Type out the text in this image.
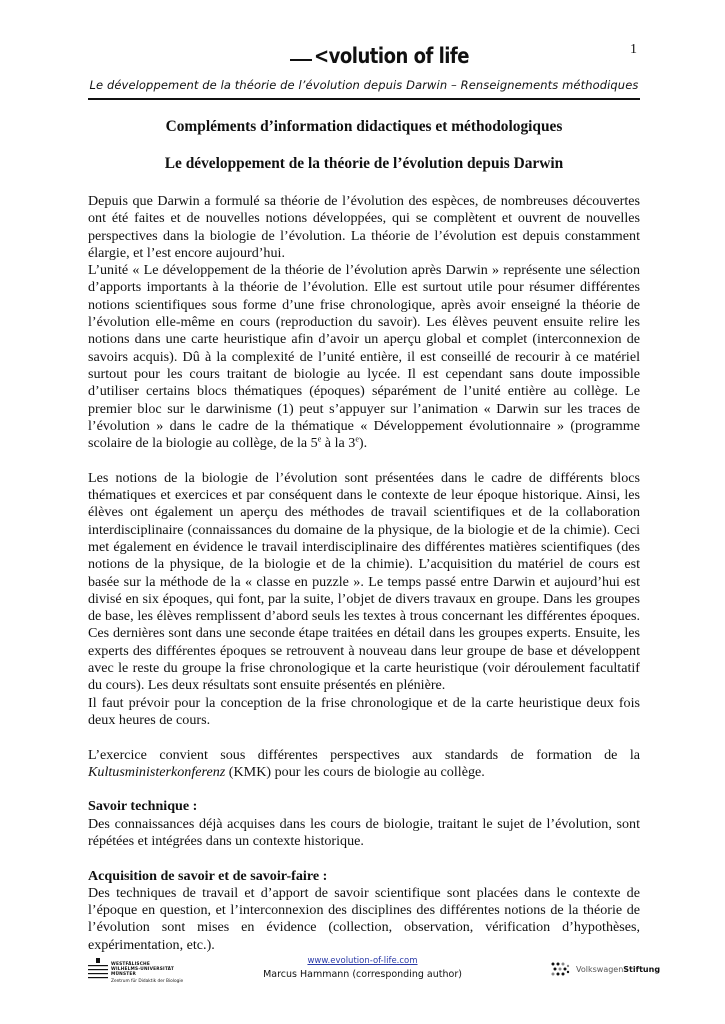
1
<volution of life
Le développement de la théorie de l’évolution depuis Darwin – Renseignements méthodiques
Compléments d’information didactiques et méthodologiques
Le développement de la théorie de l’évolution depuis Darwin

Depuis que Darwin a formulé sa théorie de l’évolution des espèces, de nombreuses découvertes ont été faites et de nouvelles notions développées, qui se complètent et ouvrent de nouvelles perspectives dans la biologie de l’évolution. La théorie de l’évolution est depuis constamment élargie, et l’est encore aujourd’hui.

L’unité « Le développement de la théorie de l’évolution après Darwin » représente une sélection d’apports importants à la théorie de l’évolution. Elle est surtout utile pour résumer différentes notions scientifiques sous forme d’une frise chronologique, après avoir enseigné la théorie de l’évolution elle-même en cours (reproduction du savoir). Les élèves peuvent ensuite relire les notions dans une carte heuristique afin d’avoir un aperçu global et complet (interconnexion de savoirs acquis). Dû à la complexité de l’unité entière, il est conseillé de recourir à ce matériel surtout pour les cours traitant de biologie au lycée. Il est cependant sans doute impossible d’utiliser certains blocs thématiques (époques) séparément de l’unité entière au collège. Le premier bloc sur le darwinisme (1) peut s’appuyer sur l’animation « Darwin sur les traces de l’évolution » dans le cadre de la thématique « Développement évolutionnaire » (programme scolaire de la biologie au collège, de la 5e à la 3e).

Les notions de la biologie de l’évolution sont présentées dans le cadre de différents blocs thématiques et exercices et par conséquent dans le contexte de leur époque historique. Ainsi, les élèves ont également un aperçu des méthodes de travail scientifiques et de la collaboration interdisciplinaire (connaissances du domaine de la physique, de la biologie et de la chimie). Ceci met également en évidence le travail interdisciplinaire des différentes matières scientifiques (des notions de la physique, de la biologie et de la chimie). L’acquisition du matériel de cours est basée sur la méthode de la « classe en puzzle ». Le temps passé entre Darwin et aujourd’hui est divisé en six époques, qui font, par la suite, l’objet de divers travaux en groupe. Dans les groupes de base, les élèves remplissent d’abord seuls les textes à trous concernant les différentes époques. Ces dernières sont dans une seconde étape traitées en détail dans les groupes experts. Ensuite, les experts des différentes époques se retrouvent à nouveau dans leur groupe de base et développent avec le reste du groupe la frise chronologique et la carte heuristique (voir déroulement facultatif du cours). Les deux résultats sont ensuite présentés en plénière.

Il faut prévoir pour la conception de la frise chronologique et de la carte heuristique deux fois deux heures de cours.

L’exercice convient sous différentes perspectives aux standards de formation de la Kultusministerkonferenz (KMK) pour les cours de biologie au collège.

Savoir technique :

Des connaissances déjà acquises dans les cours de biologie, traitant le sujet de l’évolution, sont répétées et intégrées dans un contexte historique.

Acquisition de savoir et de savoir-faire :

Des techniques de travail et d’apport de savoir scientifique sont placées dans le contexte de l’époque en question, et l’interconnexion des disciplines des différentes notions de la théorie de l’évolution sont mises en évidence (collection, observation, vérification d’hypothèses, expérimentation, etc.).

WESTFÄLISCHE
WILHELMS-UNIVERSITÄT
MÜNSTER
Zentrum für Didaktik der Biologie
www.evolution-of-life.com
Marcus Hammann (corresponding author)	VolkswagenStiftung
